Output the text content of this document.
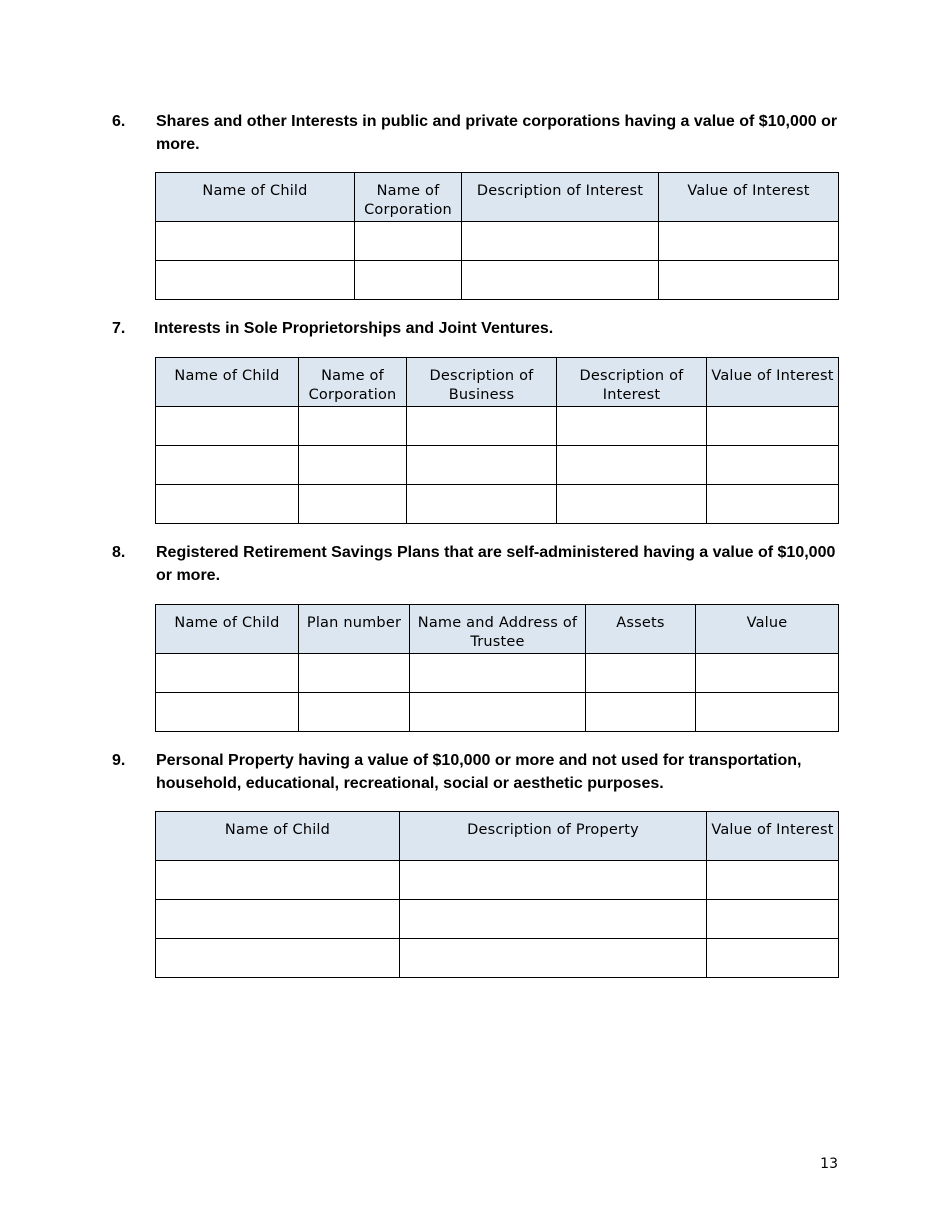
6. Shares and other Interests in public and private corporations having a value of $10,000 or more.
Name of Child	Name of Corporation	Description of Interest	Value of Interest

7. Interests in Sole Proprietorships and Joint Ventures.
Name of Child	Name of Corporation	Description of Business	Description of Interest	Value of Interest

8. Registered Retirement Savings Plans that are self-administered having a value of $10,000 or more.
Name of Child	Plan number	Name and Address of Trustee	Assets	Value

9. Personal Property having a value of $10,000 or more and not used for transportation, household, educational, recreational, social or aesthetic purposes.
Name of Child	Description of Property	Value of Interest

13
